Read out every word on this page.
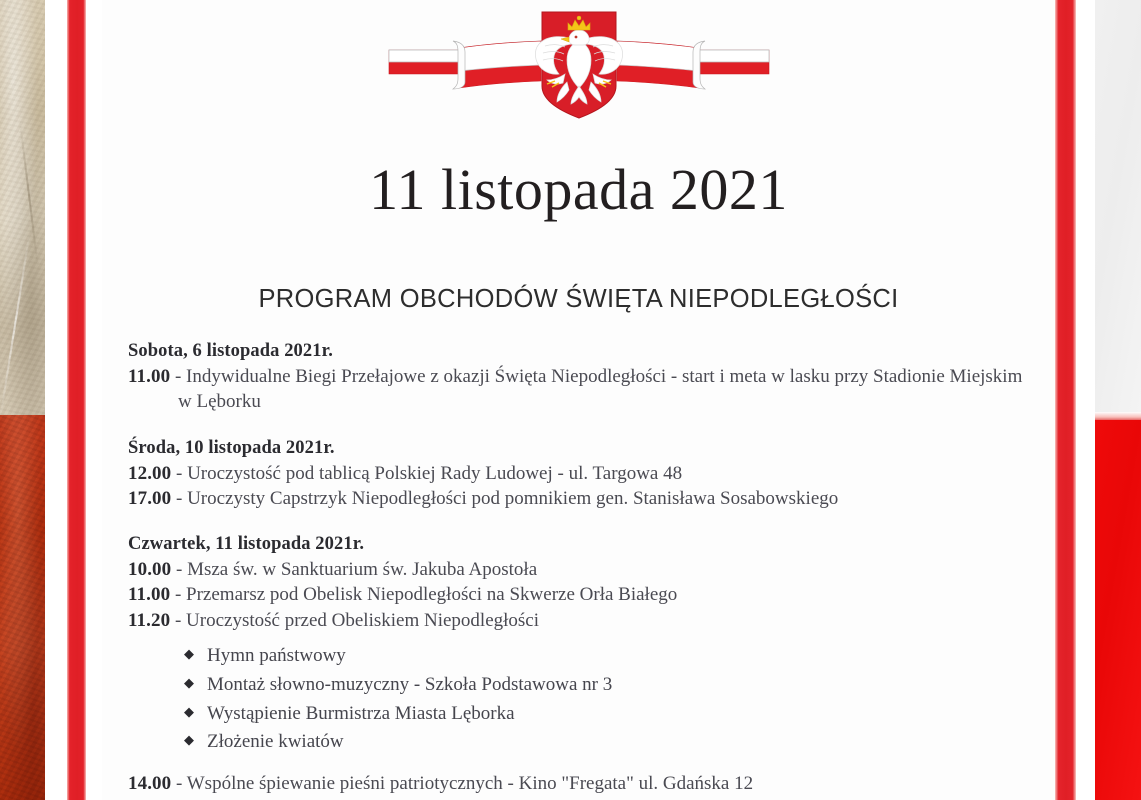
11 listopada 2021
PROGRAM OBCHODÓW ŚWIĘTA NIEPODLEGŁOŚCI
Sobota, 6 listopada 2021r.
11.00 - Indywidualne Biegi Przełajowe z okazji Święta Niepodległości - start i meta w lasku przy Stadionie Miejskim w Lęborku
Środa, 10 listopada 2021r.
12.00 - Uroczystość pod tablicą Polskiej Rady Ludowej - ul. Targowa 48
17.00 - Uroczysty Capstrzyk Niepodległości pod pomnikiem gen. Stanisława Sosabowskiego
Czwartek, 11 listopada 2021r.
10.00 - Msza św. w Sanktuarium św. Jakuba Apostoła
11.00 - Przemarsz pod Obelisk Niepodległości na Skwerze Orła Białego
11.20 - Uroczystość przed Obeliskiem Niepodległości
◆ Hymn państwowy
◆ Montaż słowno-muzyczny - Szkoła Podstawowa nr 3
◆ Wystąpienie Burmistrza Miasta Lęborka
◆ Złożenie kwiatów
14.00 - Wspólne śpiewanie pieśni patriotycznych - Kino "Fregata" ul. Gdańska 12
